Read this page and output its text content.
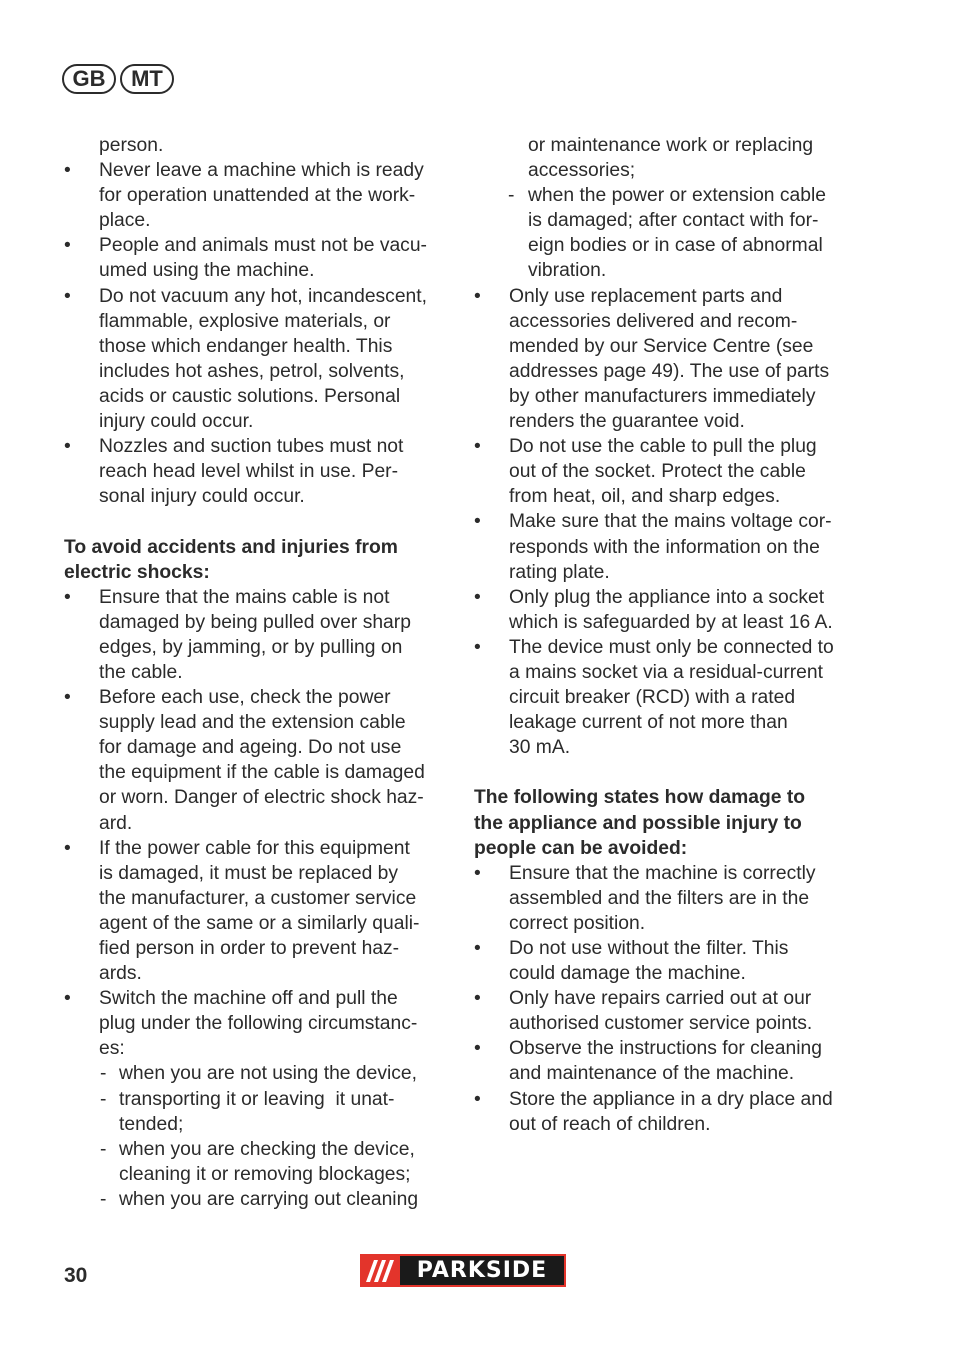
GB	MT
person.
•	Never leave a machine which is ready
for operation unattended at the work-
place.
•	People and animals must not be vacu-
umed using the machine.
•	Do not vacuum any hot, incandescent,
flammable, explosive materials, or
those which endanger health. This
includes hot ashes, petrol, solvents,
acids or caustic solutions. Personal
injury could occur.
•	Nozzles and suction tubes must not
reach head level whilst in use. Per-
sonal injury could occur.
To avoid accidents and injuries from
electric shocks:
•	Ensure that the mains cable is not
damaged by being pulled over sharp
edges, by jamming, or by pulling on
the cable.
•	Before each use, check the power
supply lead and the extension cable
for damage and ageing. Do not use
the equipment if the cable is damaged
or worn. Danger of electric shock haz-
ard.
•	If the power cable for this equipment
is damaged, it must be replaced by
the manufacturer, a customer service
agent of the same or a similarly quali-
fied person in order to prevent haz-
ards.
•	Switch the machine off and pull the
plug under the following circumstanc-
es:
- when you are not using the device,
- transporting it or leaving  it unat-
tended;
- when you are checking the device,
cleaning it or removing blockages;
- when you are carrying out cleaning
or maintenance work or replacing
accessories;
- when the power or extension cable
is damaged; after contact with for-
eign bodies or in case of abnormal
vibration.
•	Only use replacement parts and
accessories delivered and recom-
mended by our Service Centre (see
addresses page 49). The use of parts
by other manufacturers immediately
renders the guarantee void.
•	Do not use the cable to pull the plug
out of the socket. Protect the cable
from heat, oil, and sharp edges.
•	Make sure that the mains voltage cor-
responds with the information on the
rating plate.
•	Only plug the appliance into a socket
which is safeguarded by at least 16 A.
•	The device must only be connected to
a mains socket via a residual-current
circuit breaker (RCD) with a rated
leakage current of not more than
30 mA.
The following states how damage to
the appliance and possible injury to
people can be avoided:
•	Ensure that the machine is correctly
assembled and the filters are in the
correct position.
•	Do not use without the filter. This
could damage the machine.
•	Only have repairs carried out at our
authorised customer service points.
•	Observe the instructions for cleaning
and maintenance of the machine.
•	Store the appliance in a dry place and
out of reach of children.
30	PARKSIDE
